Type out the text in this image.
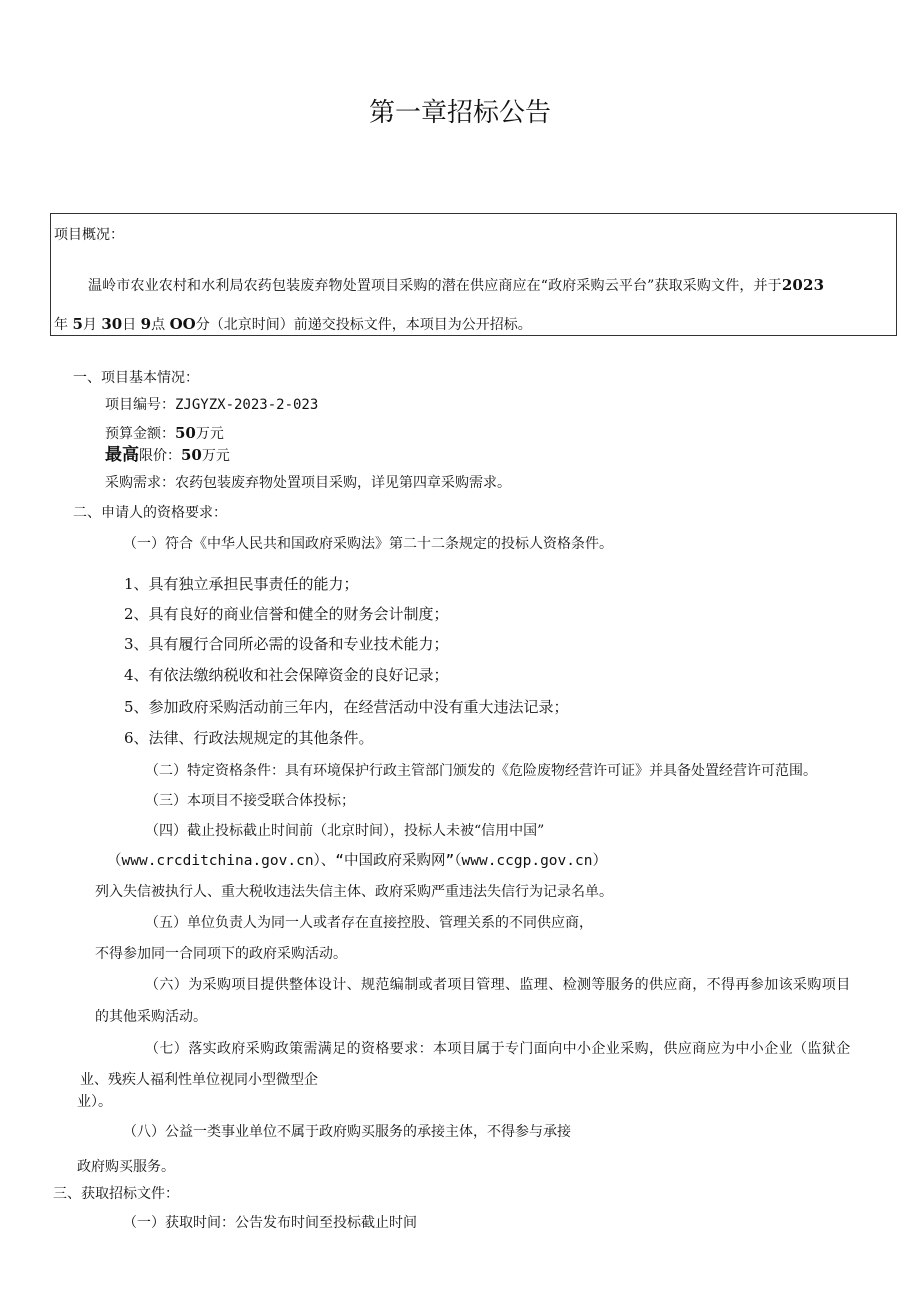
第一章招标公告
项目概况：
温岭市农业农村和水利局农药包装废弃物处置项目采购的潜在供应商应在“政府采购云平台”获取采购文件，并于2023
年 5月 30日 9点 OO分（北京时间）前递交投标文件，本项目为公开招标。
一、项目基本情况：
项目编号：ZJGYZX-2023-2-023
预算金额：50万元
最高限价：50万元
采购需求：农药包装废弃物处置项目采购，详见第四章采购需求。
二、申请人的资格要求：
（一）符合《中华人民共和国政府采购法》第二十二条规定的投标人资格条件。
1、具有独立承担民事责任的能力；
2、具有良好的商业信誉和健全的财务会计制度；
3、具有履行合同所必需的设备和专业技术能力；
4、有依法缴纳税收和社会保障资金的良好记录；
5、参加政府采购活动前三年内，在经营活动中没有重大违法记录；
6、法律、行政法规规定的其他条件。
（二）特定资格条件：具有环境保护行政主管部门颁发的《危险废物经营许可证》并具备处置经营许可范围。
（三）本项目不接受联合体投标；
（四）截止投标截止时间前（北京时间），投标人未被“信用中国”
（www.crcditchina.gov.cn）、“中国政府采购网”（www.ccgp.gov.cn）
列入失信被执行人、重大税收违法失信主体、政府采购严重违法失信行为记录名单。
（五）单位负责人为同一人或者存在直接控股、管理关系的不同供应商，
不得参加同一合同项下的政府采购活动。
（六）为采购项目提供整体设计、规范编制或者项目管理、监理、检测等服务的供应商，不得再参加该采购项目
的其他采购活动。
（七）落实政府采购政策需满足的资格要求：本项目属于专门面向中小企业采购，供应商应为中小企业（监狱企
业、残疾人福利性单位视同小型微型企
业）。
（八）公益一类事业单位不属于政府购买服务的承接主体，不得参与承接
政府购买服务。
三、获取招标文件：
（一）获取时间：公告发布时间至投标截止时间
